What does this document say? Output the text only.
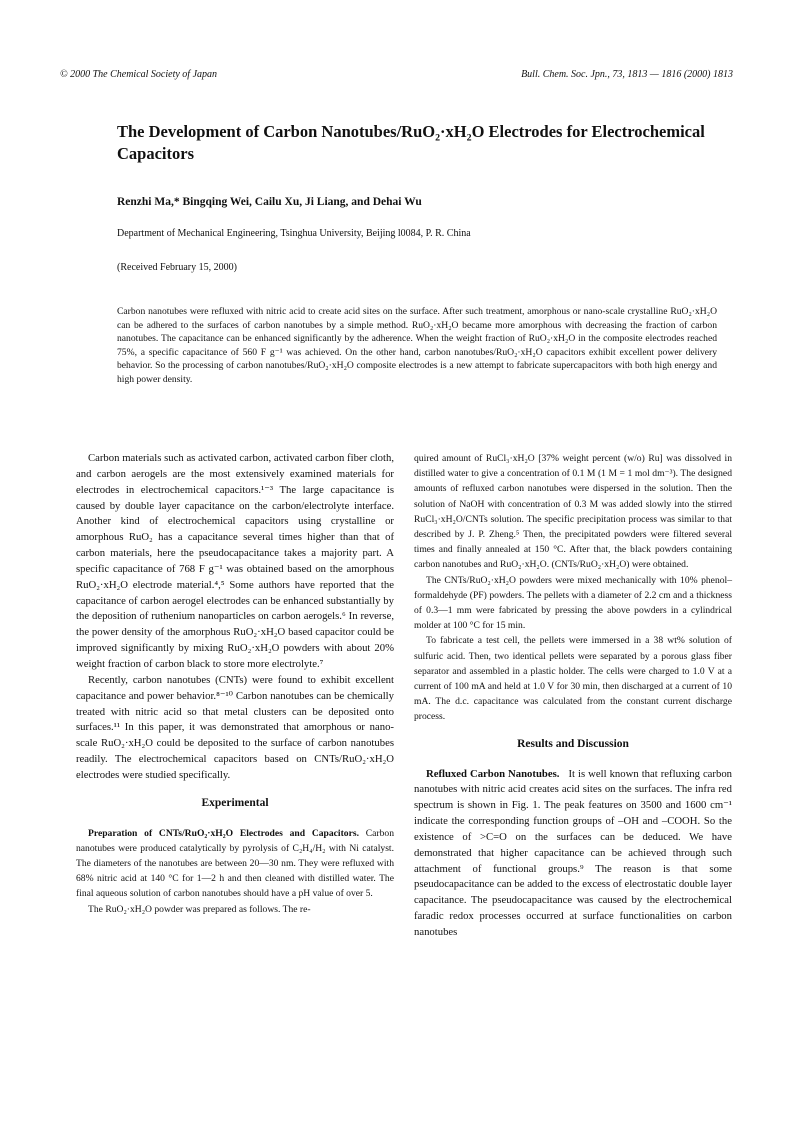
© 2000 The Chemical Society of Japan	Bull. Chem. Soc. Jpn., 73, 1813 — 1816 (2000) 1813
The Development of Carbon Nanotubes/RuO₂·xH₂O Electrodes for Electrochemical Capacitors
Renzhi Ma,* Bingqing Wei, Cailu Xu, Ji Liang, and Dehai Wu
Department of Mechanical Engineering, Tsinghua University, Beijing l0084, P. R. China
(Received February 15, 2000)
Carbon nanotubes were refluxed with nitric acid to create acid sites on the surface. After such treatment, amorphous or nano-scale crystalline RuO₂·xH₂O can be adhered to the surfaces of carbon nanotubes by a simple method. RuO₂·xH₂O became more amorphous with decreasing the fraction of carbon nanotubes. The capacitance can be enhanced significantly by the adherence. When the weight fraction of RuO₂·xH₂O in the composite electrodes reached 75%, a specific capacitance of 560 F g⁻¹ was achieved. On the other hand, carbon nanotubes/RuO₂·xH₂O capacitors exhibit excellent power delivery behavior. So the processing of carbon nanotubes/RuO₂·xH₂O composite electrodes is a new attempt to fabricate supercapacitors with both high energy and high power density.

Carbon materials such as activated carbon, activated carbon fiber cloth, and carbon aerogels are the most extensively examined materials for electrodes in electrochemical capacitors.¹⁻³ The large capacitance is caused by double layer capacitance on the carbon/electrolyte interface. Another kind of electrochemical capacitors using crystalline or amorphous RuO₂ has a capacitance several times higher than that of carbon materials, here the pseudocapacitance takes a majority part. A specific capacitance of 768 F g⁻¹ was obtained based on the amorphous RuO₂·xH₂O electrode material.⁴,⁵ Some authors have reported that the capacitance of carbon aerogel electrodes can be enhanced substantially by the deposition of ruthenium nanoparticles on carbon aerogels.⁶ In reverse, the power density of the amorphous RuO₂·xH₂O based capacitor could be improved significantly by mixing RuO₂·xH₂O powders with about 20% weight fraction of carbon black to store more electrolyte.⁷

Recently, carbon nanotubes (CNTs) were found to exhibit excellent capacitance and power behavior.⁸⁻¹⁰ Carbon nanotubes can be chemically treated with nitric acid so that metal clusters can be deposited onto surfaces.¹¹ In this paper, it was demonstrated that amorphous or nano-scale RuO₂·xH₂O could be deposited to the surface of carbon nanotubes readily. The electrochemical capacitors based on CNTs/RuO₂·xH₂O electrodes were studied specifically.

Experimental

Preparation of CNTs/RuO₂·xH₂O Electrodes and Capacitors. Carbon nanotubes were produced catalytically by pyrolysis of C₂H₄/H₂ with Ni catalyst. The diameters of the nanotubes are between 20—30 nm. They were refluxed with 68% nitric acid at 140 °C for 1—2 h and then cleaned with distilled water. The final aqueous solution of carbon nanotubes should have a pH value of over 5.

The RuO₂·xH₂O powder was prepared as follows. The re-

quired amount of RuCl₃·xH₂O [37% weight percent (w/o) Ru] was dissolved in distilled water to give a concentration of 0.1 M (1 M = 1 mol dm⁻³). The designed amounts of refluxed carbon nanotubes were dispersed in the solution. Then the solution of NaOH with concentration of 0.3 M was added slowly into the stirred RuCl₃·xH₂O/CNTs solution. The specific precipitation process was similar to that described by J. P. Zheng.⁵ Then, the precipitated powders were filtered several times and finally annealed at 150 °C. After that, the black powders containing carbon nanotubes and RuO₂·xH₂O. (CNTs/RuO₂·xH₂O) were obtained.

The CNTs/RuO₂·xH₂O powders were mixed mechanically with 10% phenol–formaldehyde (PF) powders. The pellets with a diameter of 2.2 cm and a thickness of 0.3—1 mm were fabricated by pressing the above powders in a cylindrical molder at 100 °C for 15 min.

To fabricate a test cell, the pellets were immersed in a 38 wt% solution of sulfuric acid. Then, two identical pellets were separated by a porous glass fiber separator and assembled in a plastic holder. The cells were charged to 1.0 V at a current of 100 mA and held at 1.0 V for 30 min, then discharged at a current of 10 mA. The d.c. capacitance was calculated from the constant current discharge process.

Results and Discussion

Refluxed Carbon Nanotubes. It is well known that refluxing carbon nanotubes with nitric acid creates acid sites on the surfaces. The infra red spectrum is shown in Fig. 1. The peak features on 3500 and 1600 cm⁻¹ indicate the corresponding function groups of –OH and –COOH. So the existence of >C=O on the surfaces can be deduced. We have demonstrated that higher capacitance can be achieved through such attachment of functional groups.⁹ The reason is that some pseudocapacitance can be added to the excess of electrostatic double layer capacitance. The pseudocapacitance was caused by the electrochemical faradic redox processes occurred at surface functionalities on carbon nanotubes
